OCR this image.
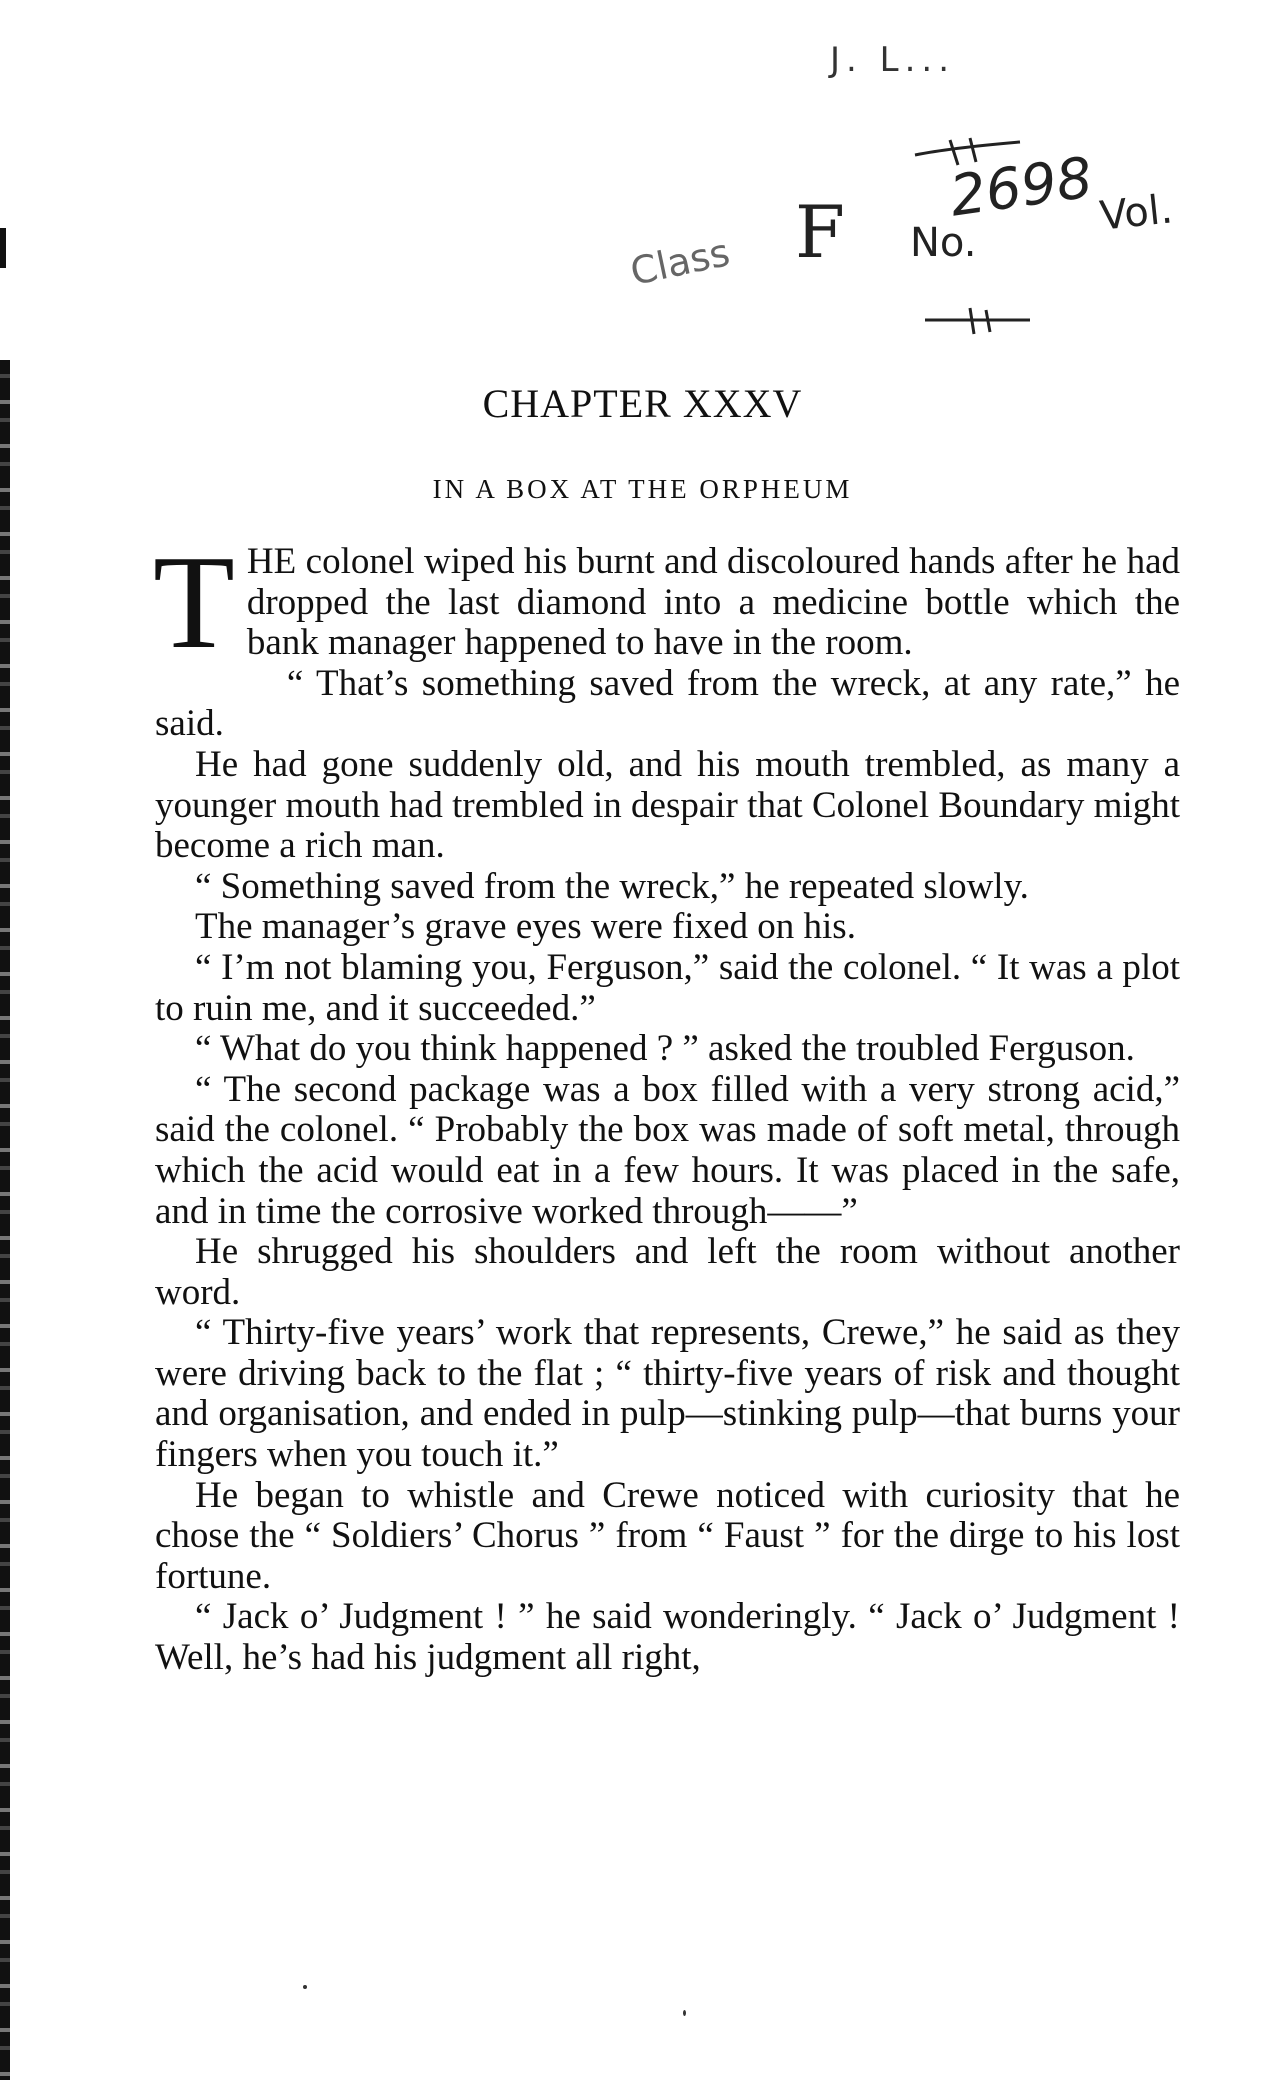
J. L...
Class F No.
2698 Vol.
CHAPTER XXXV
IN A BOX AT THE ORPHEUM

THE colonel wiped his burnt and discoloured hands after he had dropped the last diamond into a medicine bottle which the bank manager happened to have in the room.

“ That’s something saved from the wreck, at any rate,” he said.

He had gone suddenly old, and his mouth trembled, as many a younger mouth had trembled in despair that Colonel Boundary might become a rich man.

“ Something saved from the wreck,” he repeated slowly.

The manager’s grave eyes were fixed on his.

“ I’m not blaming you, Ferguson,” said the colonel. “ It was a plot to ruin me, and it succeeded.”

“ What do you think happened ? ” asked the troubled Ferguson.

“ The second package was a box filled with a very strong acid,” said the colonel. “ Probably the box was made of soft metal, through which the acid would eat in a few hours. It was placed in the safe, and in time the corrosive worked through——”

He shrugged his shoulders and left the room without another word.

“ Thirty-five years’ work that represents, Crewe,” he said as they were driving back to the flat ; “ thirty-five years of risk and thought and organisation, and ended in pulp—stinking pulp—that burns your fingers when you touch it.”

He began to whistle and Crewe noticed with curiosity that he chose the “ Soldiers’ Chorus ” from “ Faust ” for the dirge to his lost fortune.

“ Jack o’ Judgment ! ” he said wonderingly. “ Jack o’ Judgment ! Well, he’s had his judgment all right,
